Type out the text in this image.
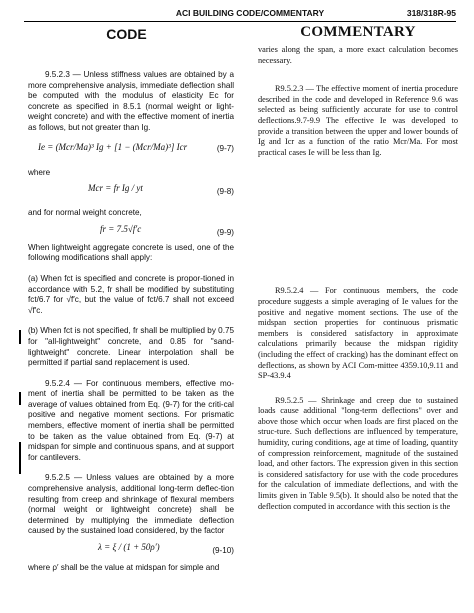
ACI BUILDING CODE/COMMENTARY	318/318R-95
CODE	COMMENTARY

9.5.2.3 — Unless stiffness values are obtained by a more comprehensive analysis, immediate deflection shall be computed with the modulus of elasticity Ec for concrete as specified in 8.5.1 (normal weight or light-weight concrete) and with the effective moment of inertia as follows, but not greater than Ig.

Ie = (Mcr/Ma)³ Ig + [1 − (Mcr/Ma)³] Icr	(9-7)

where

Mcr = fr Ig / yt	(9-8)

and for normal weight concrete,

fr = 7.5√f′c	(9-9)

When lightweight aggregate concrete is used, one of the following modifications shall apply:

(a) When fct is specified and concrete is propor-tioned in accordance with 5.2, fr shall be modified by substituting fct/6.7 for √f′c, but the value of fct/6.7 shall not exceed √f′c.

(b) When fct is not specified, fr shall be multiplied by 0.75 for "all-lightweight" concrete, and 0.85 for "sand-lightweight" concrete. Linear interpolation shall be permitted if partial sand replacement is used.

9.5.2.4 — For continuous members, effective mo-ment of inertia shall be permitted to be taken as the average of values obtained from Eq. (9-7) for the criti-cal positive and negative moment sections. For prismatic members, effective moment of inertia shall be permitted to be taken as the value obtained from Eq. (9-7) at midspan for simple and continuous spans, and at support for cantilevers.

9.5.2.5 — Unless values are obtained by a more comprehensive analysis, additional long-term deflec-tion resulting from creep and shrinkage of flexural members (normal weight or lightweight concrete) shall be determined by multiplying the immediate deflection caused by the sustained load considered, by the factor

λ = ξ / (1 + 50ρ′)	(9-10)

where ρ′ shall be the value at midspan for simple and

varies along the span, a more exact calculation becomes necessary.

R9.5.2.3 — The effective moment of inertia procedure described in the code and developed in Reference 9.6 was selected as being sufficiently accurate for use to control deflections.9.7-9.9 The effective Ie was developed to provide a transition between the upper and lower bounds of Ig and Icr as a function of the ratio Mcr/Ma. For most practical cases Ie will be less than Ig.

R9.5.2.4 — For continuous members, the code procedure suggests a simple averaging of Ie values for the positive and negative moment sections. The use of the midspan section properties for continuous prismatic members is considered satisfactory in approximate calculations primarily because the midspan rigidity (including the effect of cracking) has the dominant effect on deflections, as shown by ACI Com-mittee 4359.10,9.11 and SP-43.9.4

R9.5.2.5 — Shrinkage and creep due to sustained loads cause additional "long-term deflections" over and above those which occur when loads are first placed on the struc-ture. Such deflections are influenced by temperature, humidity, curing conditions, age at time of loading, quantity of compression reinforcement, magnitude of the sustained load, and other factors. The expression given in this section is considered satisfactory for use with the code procedures for the calculation of immediate deflections, and with the limits given in Table 9.5(b). It should also be noted that the deflection computed in accordance with this section is the
